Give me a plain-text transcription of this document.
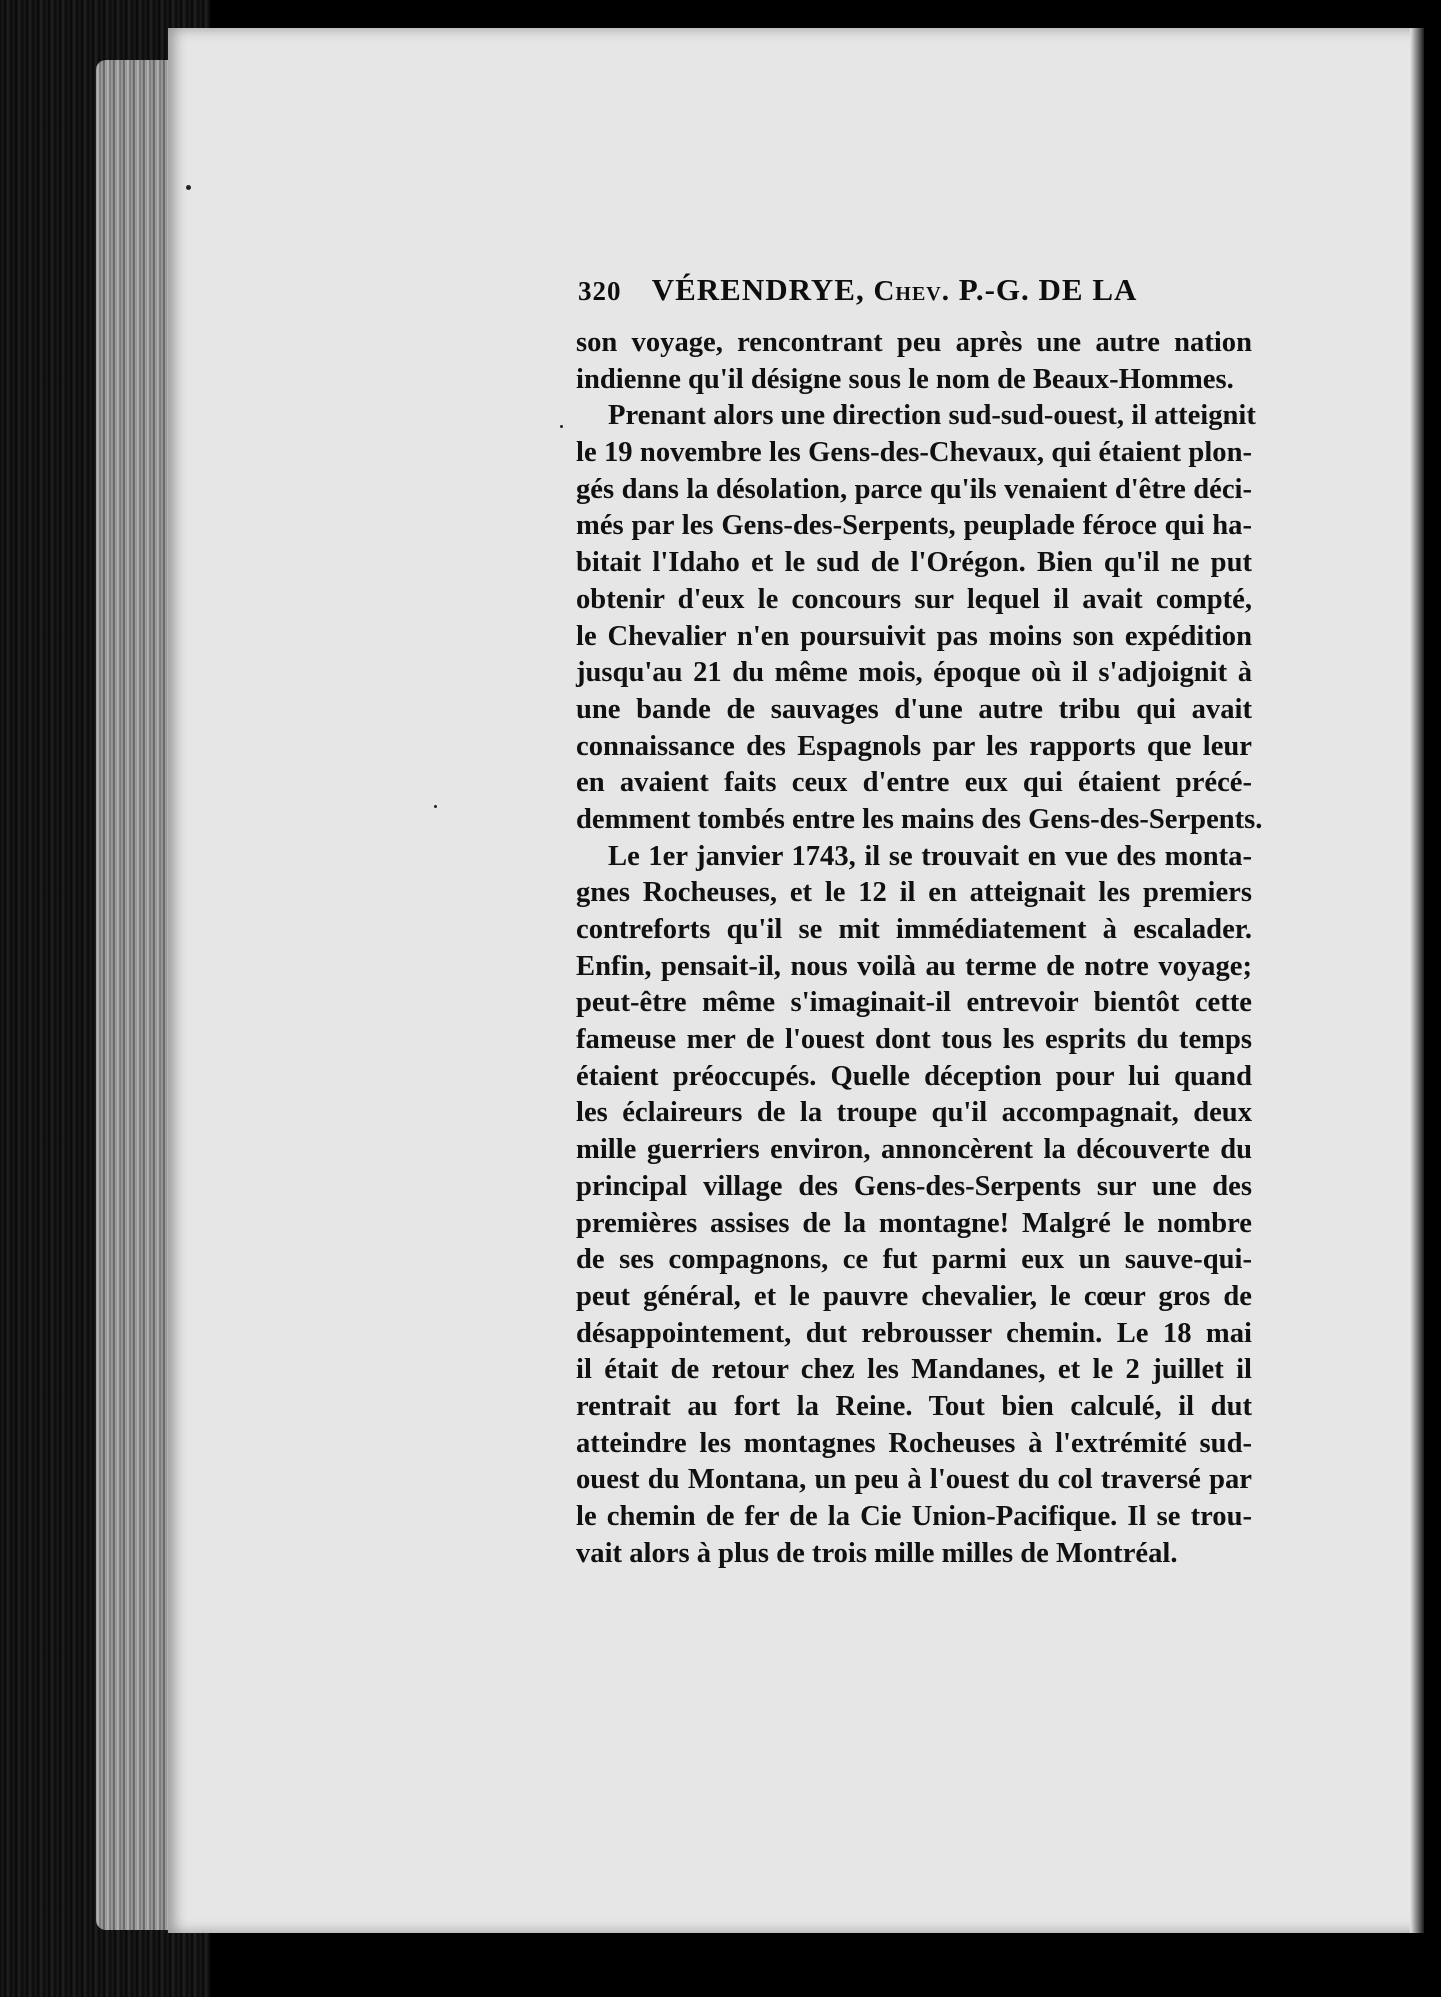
320 VÉRENDRYE, Chev. P.-G. DE LA
son voyage, rencontrant peu après une autre nation
indienne qu'il désigne sous le nom de Beaux-Hommes.
Prenant alors une direction sud-sud-ouest, il atteignit
le 19 novembre les Gens-des-Chevaux, qui étaient plon-
gés dans la désolation, parce qu'ils venaient d'être déci-
més par les Gens-des-Serpents, peuplade féroce qui ha-
bitait l'Idaho et le sud de l'Orégon. Bien qu'il ne put
obtenir d'eux le concours sur lequel il avait compté,
le Chevalier n'en poursuivit pas moins son expédition
jusqu'au 21 du même mois, époque où il s'adjoignit à
une bande de sauvages d'une autre tribu qui avait
connaissance des Espagnols par les rapports que leur
en avaient faits ceux d'entre eux qui étaient précé-
demment tombés entre les mains des Gens-des-Serpents.
Le 1er janvier 1743, il se trouvait en vue des monta-
gnes Rocheuses, et le 12 il en atteignait les premiers
contreforts qu'il se mit immédiatement à escalader.
Enfin, pensait-il, nous voilà au terme de notre voyage;
peut-être même s'imaginait-il entrevoir bientôt cette
fameuse mer de l'ouest dont tous les esprits du temps
étaient préoccupés. Quelle déception pour lui quand
les éclaireurs de la troupe qu'il accompagnait, deux
mille guerriers environ, annoncèrent la découverte du
principal village des Gens-des-Serpents sur une des
premières assises de la montagne! Malgré le nombre
de ses compagnons, ce fut parmi eux un sauve-qui-
peut général, et le pauvre chevalier, le cœur gros de
désappointement, dut rebrousser chemin. Le 18 mai
il était de retour chez les Mandanes, et le 2 juillet il
rentrait au fort la Reine. Tout bien calculé, il dut
atteindre les montagnes Rocheuses à l'extrémité sud-
ouest du Montana, un peu à l'ouest du col traversé par
le chemin de fer de la Cie Union-Pacifique. Il se trou-
vait alors à plus de trois mille milles de Montréal.
